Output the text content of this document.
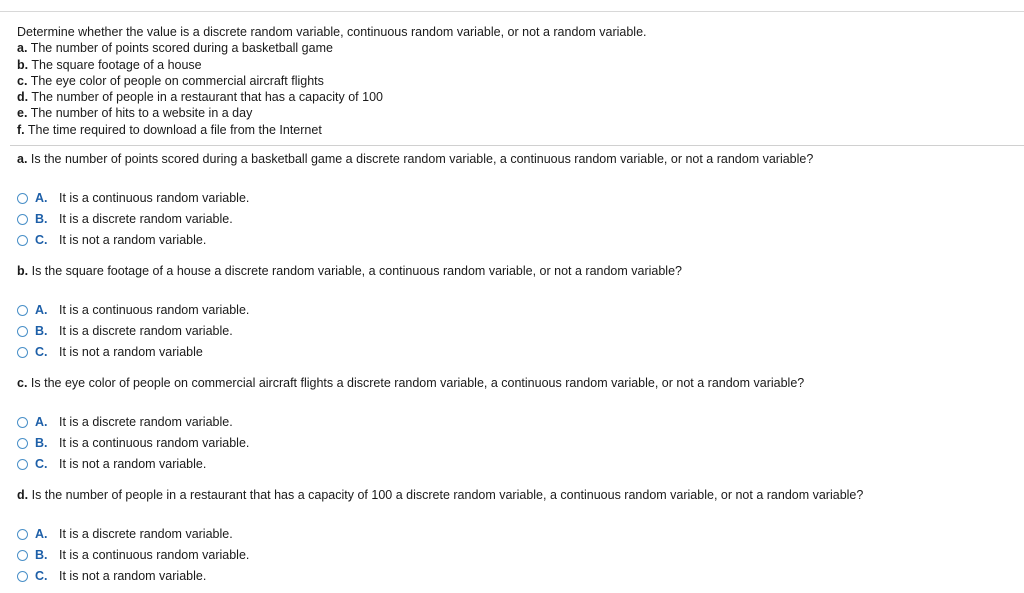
Determine whether the value is a discrete random variable, continuous random variable, or not a random variable.
a. The number of points scored during a basketball game
b. The square footage of a house
c. The eye color of people on commercial aircraft flights
d. The number of people in a restaurant that has a capacity of 100
e. The number of hits to a website in a day
f. The time required to download a file from the Internet
a. Is the number of points scored during a basketball game a discrete random variable, a continuous random variable, or not a random variable?
A. It is a continuous random variable.
B. It is a discrete random variable.
C. It is not a random variable.
b. Is the square footage of a house a discrete random variable, a continuous random variable, or not a random variable?
A. It is a continuous random variable.
B. It is a discrete random variable.
C. It is not a random variable
c. Is the eye color of people on commercial aircraft flights a discrete random variable, a continuous random variable, or not a random variable?
A. It is a discrete random variable.
B. It is a continuous random variable.
C. It is not a random variable.
d. Is the number of people in a restaurant that has a capacity of 100 a discrete random variable, a continuous random variable, or not a random variable?
A. It is a discrete random variable.
B. It is a continuous random variable.
C. It is not a random variable.
